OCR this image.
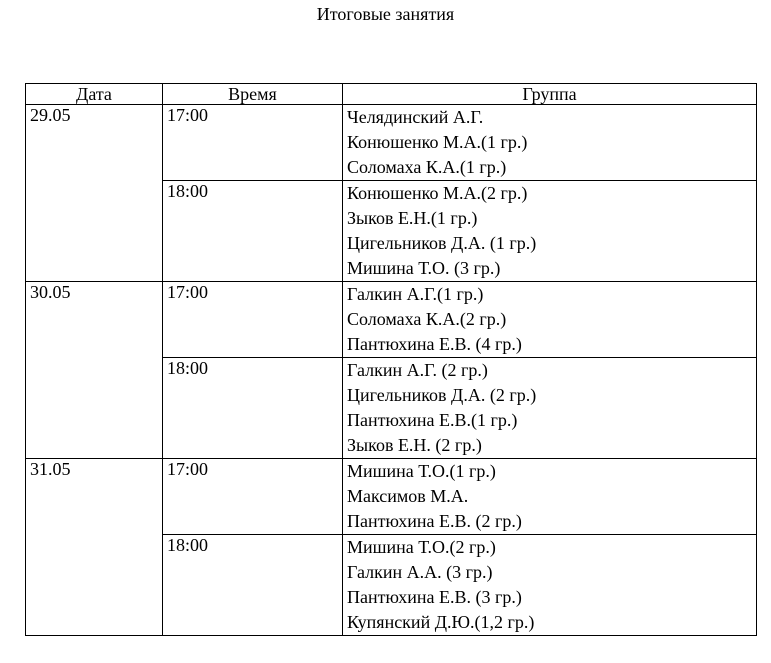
Итоговые занятия
Дата	Время	Группа
29.05	17:00	Челядинский А.Г.
Конюшенко М.А.(1 гр.)
Соломаха К.А.(1 гр.)

	18:00	Конюшенко М.А.(2 гр.)
Зыков Е.Н.(1 гр.)
Цигельников Д.А. (1 гр.)
Мишина Т.О. (3 гр.)

30.05	17:00	Галкин А.Г.(1 гр.)
Соломаха К.А.(2 гр.)
Пантюхина Е.В. (4 гр.)

	18:00	Галкин А.Г. (2 гр.)
Цигельников Д.А. (2 гр.)
Пантюхина Е.В.(1 гр.)
Зыков Е.Н. (2 гр.)

31.05	17:00	Мишина Т.О.(1 гр.)
Максимов М.А.
Пантюхина Е.В. (2 гр.)

	18:00	Мишина Т.О.(2 гр.)
Галкин А.А. (3 гр.)
Пантюхина Е.В. (3 гр.)
Купянский Д.Ю.(1,2 гр.)
